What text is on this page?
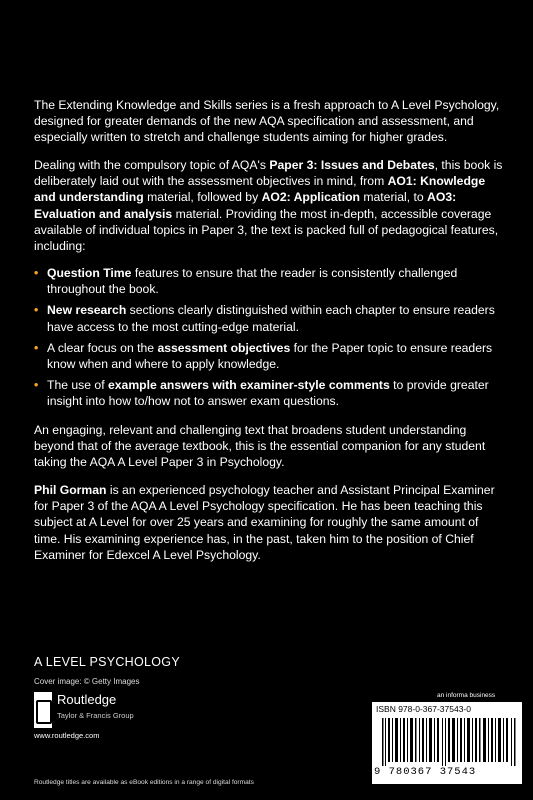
The Extending Knowledge and Skills series is a fresh approach to A Level Psychology, designed for greater demands of the new AQA specification and assessment, and especially written to stretch and challenge students aiming for higher grades.

Dealing with the compulsory topic of AQA's Paper 3: Issues and Debates, this book is deliberately laid out with the assessment objectives in mind, from AO1: Knowledge and understanding material, followed by AO2: Application material, to AO3: Evaluation and analysis material. Providing the most in-depth, accessible coverage available of individual topics in Paper 3, the text is packed full of pedagogical features, including:

• Question Time features to ensure that the reader is consistently challenged throughout the book.
• New research sections clearly distinguished within each chapter to ensure readers have access to the most cutting-edge material.
• A clear focus on the assessment objectives for the Paper topic to ensure readers know when and where to apply knowledge.
• The use of example answers with examiner-style comments to provide greater insight into how to/how not to answer exam questions.

An engaging, relevant and challenging text that broadens student understanding beyond that of the average textbook, this is the essential companion for any student taking the AQA A Level Paper 3 in Psychology.

Phil Gorman is an experienced psychology teacher and Assistant Principal Examiner for Paper 3 of the AQA A Level Psychology specification. He has been teaching this subject at A Level for over 25 years and examining for roughly the same amount of time. His examining experience has, in the past, taken him to the position of Chief Examiner for Edexcel A Level Psychology.

A LEVEL PSYCHOLOGY
Cover image: © Getty Images
Routledge
Taylor & Francis Group
www.routledge.com
Routledge titles are available as eBook editions in a range of digital formats
an informa business
ISBN 978-0-367-37543-0
9 780367 37543
